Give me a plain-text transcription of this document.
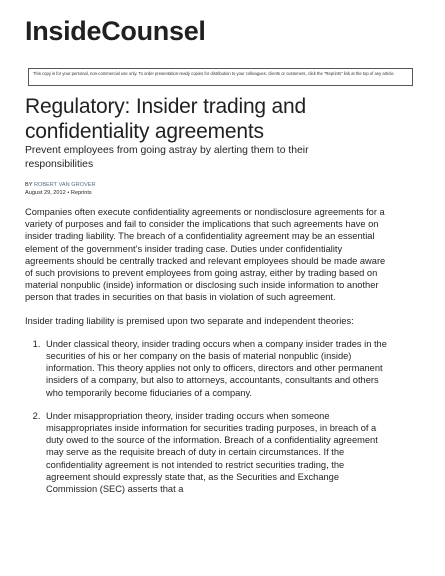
InsideCounsel
This copy is for your personal, non-commercial use only. To order presentation-ready copies for distribution to your colleagues, clients or customers, click the "Reprints" link at the top of any article.
Regulatory: Insider trading and confidentiality agreements

Prevent employees from going astray by alerting them to their responsibilities

BY ROBERT VAN GROVER
August 29, 2012 • Reprints

Companies often execute confidentiality agreements or nondisclosure agreements for a variety of purposes and fail to consider the implications that such agreements have on insider trading liability. The breach of a confidentiality agreement may be an essential element of the government’s insider trading case. Duties under confidentiality agreements should be centrally tracked and relevant employees should be made aware of such provisions to prevent employees from going astray, either by trading based on material nonpublic (inside) information or disclosing such inside information to another person that trades in securities on that basis in violation of such agreement.

Insider trading liability is premised upon two separate and independent theories:

1. Under classical theory, insider trading occurs when a company insider trades in the securities of his or her company on the basis of material nonpublic (inside) information. This theory applies not only to officers, directors and other permanent insiders of a company, but also to attorneys, accountants, consultants and others who temporarily become fiduciaries of a company.
2. Under misappropriation theory, insider trading occurs when someone misappropriates inside information for securities trading purposes, in breach of a duty owed to the source of the information. Breach of a confidentiality agreement may serve as the requisite breach of duty in certain circumstances. If the confidentiality agreement is not intended to restrict securities trading, the agreement should expressly state that, as the Securities and Exchange Commission (SEC) asserts that a
